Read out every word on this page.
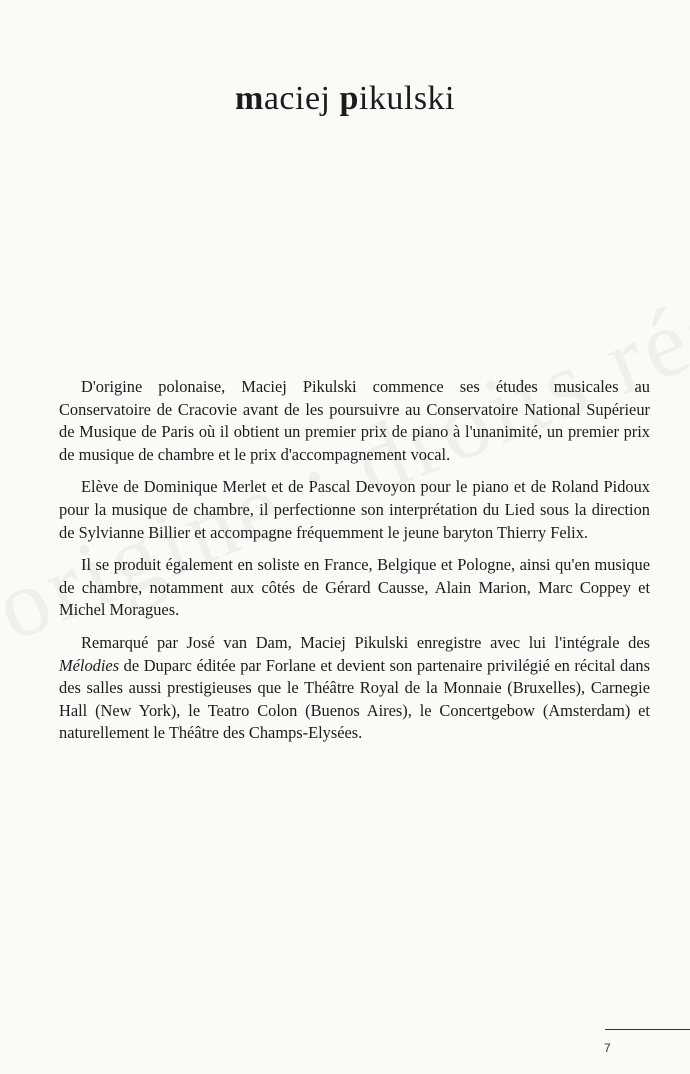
maciej pikulski

D'origine polonaise, Maciej Pikulski commence ses études musicales au Conservatoire de Cracovie avant de les poursuivre au Conservatoire National Supérieur de Musique de Paris où il obtient un premier prix de piano à l'unanimité, un premier prix de musique de chambre et le prix d'accompagnement vocal.

Elève de Dominique Merlet et de Pascal Devoyon pour le piano et de Roland Pidoux pour la musique de chambre, il perfectionne son interprétation du Lied sous la direction de Sylvianne Billier et accompagne fréquemment le jeune baryton Thierry Felix.

Il se produit également en soliste en France, Belgique et Pologne, ainsi qu'en musique de chambre, notamment aux côtés de Gérard Causse, Alain Marion, Marc Coppey et Michel Moragues.

Remarqué par José van Dam, Maciej Pikulski enregistre avec lui l'intégrale des Mélodies de Duparc éditée par Forlane et devient son partenaire privilégié en récital dans des salles aussi prestigieuses que le Théâtre Royal de la Monnaie (Bruxelles), Carnegie Hall (New York), le Teatro Colon (Buenos Aires), le Concertgebow (Amsterdam) et naturellement le Théâtre des Champs-Elysées.

7
